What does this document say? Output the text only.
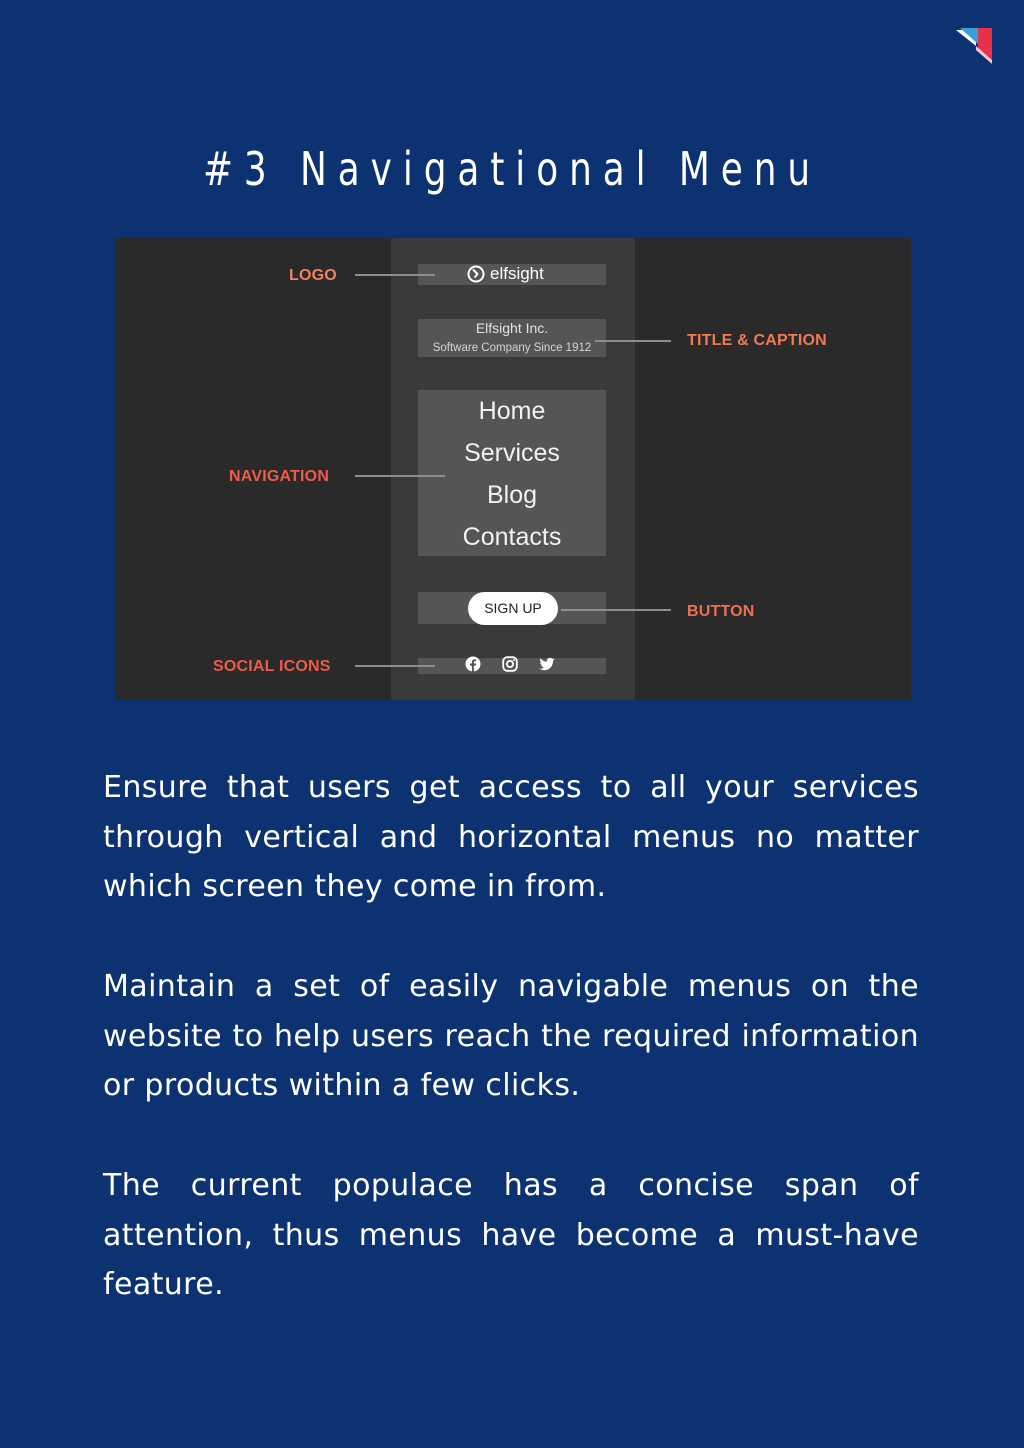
#3 Navigational Menu
elfsight
Elfsight Inc.
Software Company Since 1912
Home
Services
Blog
Contacts
SIGN UP
LOGO
TITLE & CAPTION
NAVIGATION
BUTTON
SOCIAL ICONS

Ensure that users get access to all your services through vertical and horizontal menus no matter which screen they come in from.

Maintain a set of easily navigable menus on the website to help users reach the required information or products within a few clicks.

The current populace has a concise span of attention, thus menus have become a must-have feature.
